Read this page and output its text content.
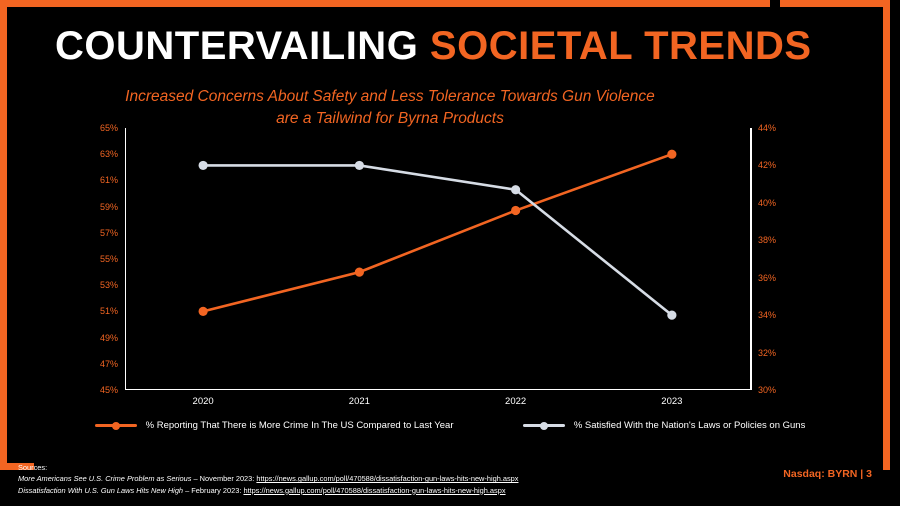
COUNTERVAILING SOCIETAL TRENDS
Increased Concerns About Safety and Less Tolerance Towards Gun Violence
are a Tailwind for Byrna Products
45%
47%
49%
51%
53%
55%
57%
59%
61%
63%
65%
30%
32%
34%
36%
38%
40%
42%
44%
2020	2021	2022	2023
% Reporting That There is More Crime In The US Compared to Last Year	% Satisfied With the Nation's Laws or Policies on Guns
Sources:
More Americans See U.S. Crime Problem as Serious – November 2023: https://news.gallup.com/poll/470588/dissatisfaction-gun-laws-hits-new-high.aspx
Dissatisfaction With U.S. Gun Laws Hits New High – February 2023: https://news.gallup.com/poll/470588/dissatisfaction-gun-laws-hits-new-high.aspx
Nasdaq: BYRN | 3
